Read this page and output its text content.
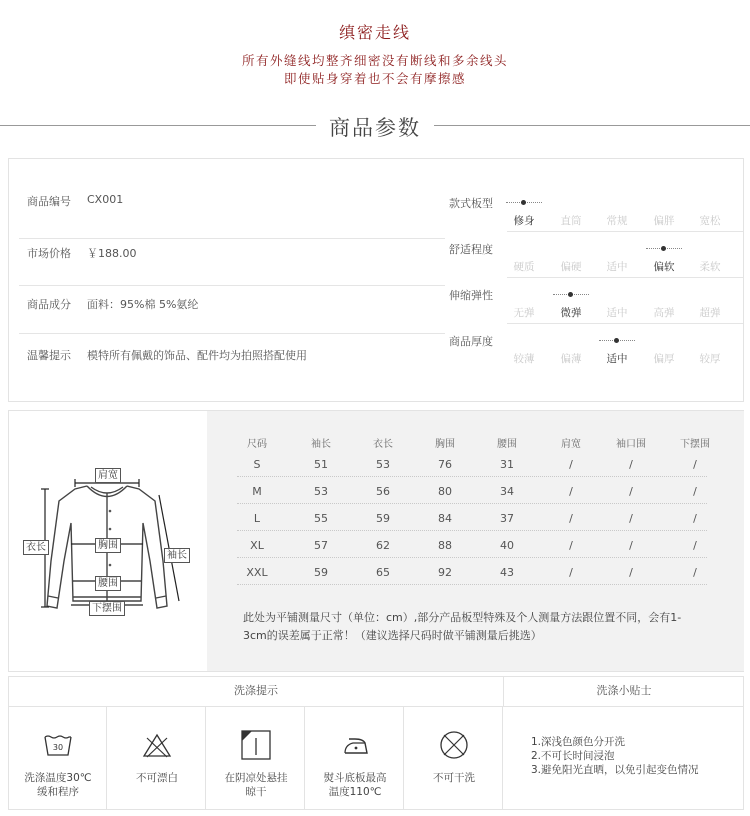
缜密走线
所有外缝线均整齐细密没有断线和多余线头
即使贴身穿着也不会有摩擦感
商品参数
商品编号 CX001
市场价格 ￥188.00
商品成分 面料：95%棉 5%氨纶
温馨提示 模特所有佩戴的饰品、配件均为拍照搭配使用
款式板型
修身	直筒	常规	偏胖	宽松
舒适程度
硬质	偏硬	适中	偏软	柔软
伸缩弹性
无弹	微弹	适中	高弹	超弹
商品厚度
较薄	偏薄	适中	偏厚	较厚
肩宽
衣长	胸围
袖长
腰围
下摆围
尺码	袖长	衣长	胸围	腰围	肩宽	袖口围	下摆围
S	51	53	76	31	/	/	/
M	53	56	80	34	/	/	/
L	55	59	84	37	/	/	/
XL	57	62	88	40	/	/	/
XXL	59	65	92	43	/	/	/
此处为平铺测量尺寸（单位：cm）,部分产品板型特殊及个人测量方法跟位置不同，会有1-
3cm的误差属于正常！（建议选择尺码时做平铺测量后挑选）
洗涤提示	洗涤小贴士
30
洗涤温度30℃
缓和程序
不可漂白	在阴凉处悬挂
晾干
熨斗底板最高
温度110℃
不可干洗
1.深浅色颜色分开洗
2.不可长时间浸泡
3.避免阳光直晒，以免引起变色情况
